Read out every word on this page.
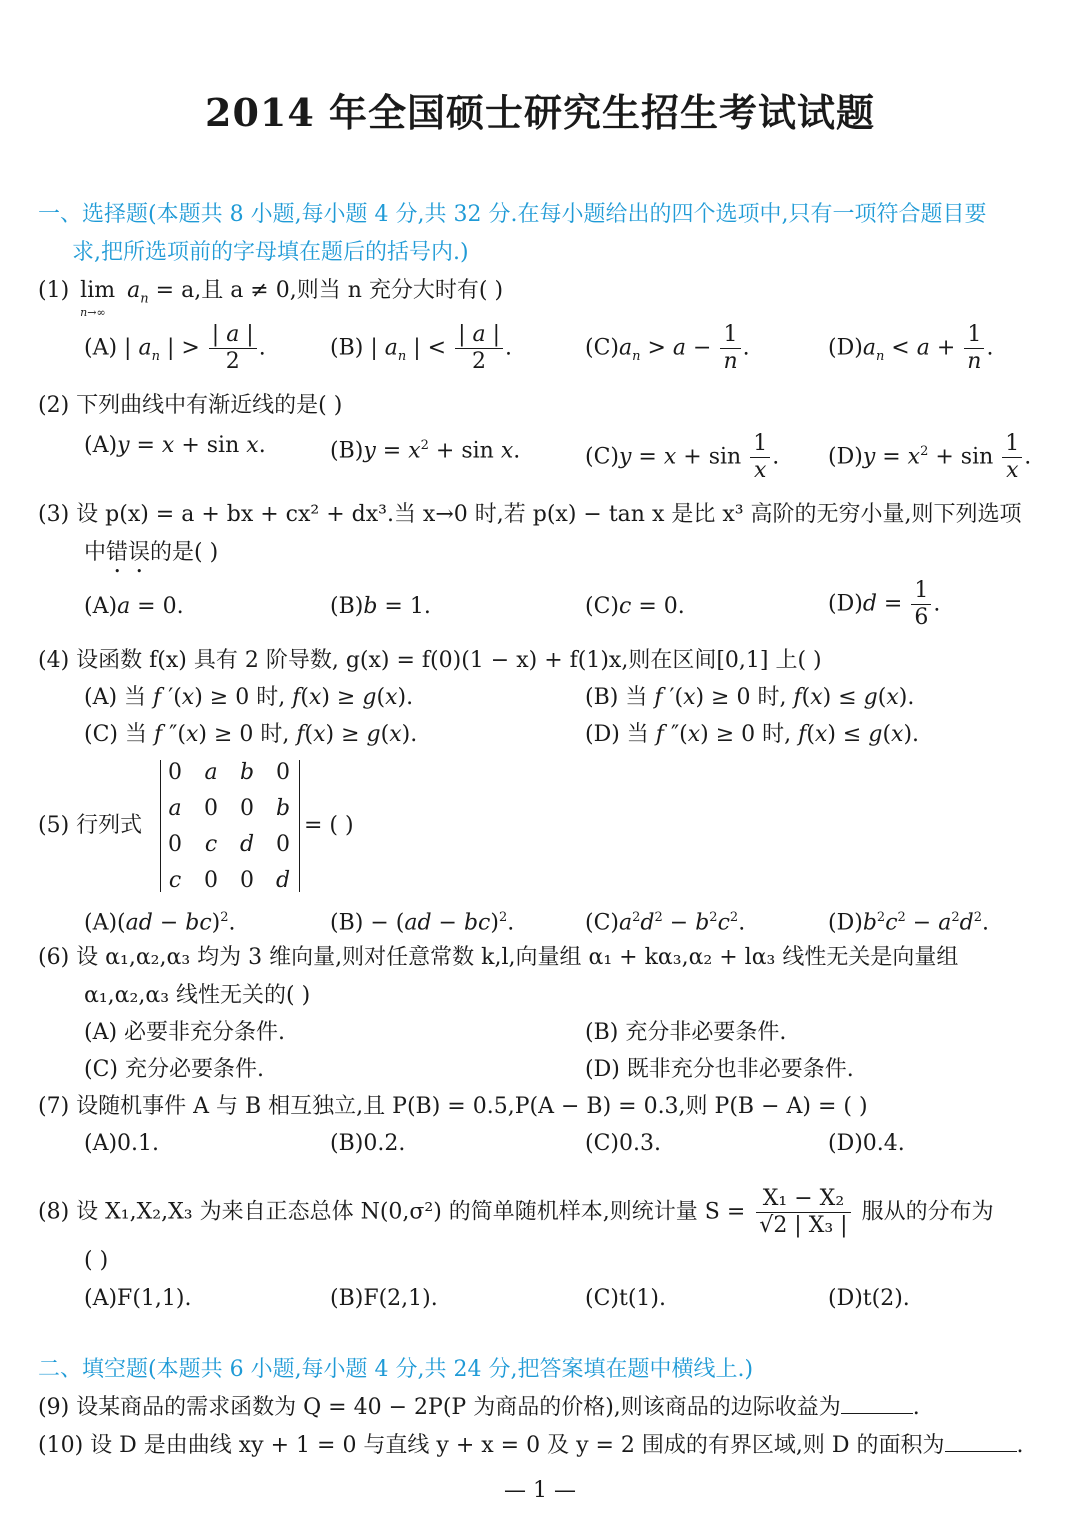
2014 年全国硕士研究生招生考试试题
一、选择题(本题共 8 小题,每小题 4 分,共 32 分.在每小题给出的四个选项中,只有一项符合题目要
求,把所选项前的字母填在题后的括号内.)
(1) lim
n→∞
$a_n = a$,且 a ≠ 0,则当 n 充分大时有( )
(A) | $a_n$ | > $\frac{| a |}{2}$ .	(B) | $a_n$ | < $\frac{| a |}{2}$ .	$(C)a_n > a - \frac{1}{n}$ .	$(D)a_n < a + \frac{1}{n}$ .
(2) 下列曲线中有渐近线的是( )
(A)y = x + sin x.	$(B)y = x^2 + \sin x$.	$(C)y = x + \sin \frac{1}{x}$ . $(D)y = x^2 + \sin \frac{1}{x}$ .
(3) 设 p(x) = a + bx + cx² + dx³.当 x→0 时,若 p(x) − tan x 是比 x³ 高阶的无穷小量,则下列选项
中错误的是( )
(A)a = 0.	(B)b = 1.	(C)c = 0.	$(D)d = \frac{1}{6}$ .
(4) 设函数 f(x) 具有 2 阶导数, g(x) = f(0)(1 − x) + f(1)x,则在区间[0,1] 上( )
(A) 当 f ′(x) ≥ 0 时, f(x) ≥ g(x).	(B) 当 f ′(x) ≥ 0 时, f(x) ≤ g(x).
(C) 当 f ″(x) ≥ 0 时, f(x) ≥ g(x).	(D) 当 f ″(x) ≥ 0 时, f(x) ≤ g(x).
(5) 行列式
0	a	b 0
a	0	0 b
0	c	d 0
c	0	0 d
= ( )
(A)(ad − bc)$^2$.	(B) − (ad − bc)$^2$.	$(C)a^2d^2 - b^2c^2$.	$(D)b^2c^2 - a^2d^2$.
(6) 设 α₁,α₂,α₃ 均为 3 维向量,则对任意常数 k,l,向量组 α₁ + kα₃,α₂ + lα₃ 线性无关是向量组
α₁,α₂,α₃ 线性无关的( )
(A) 必要非充分条件.	(B) 充分非必要条件.
(C) 充分必要条件.	(D) 既非充分也非必要条件.
(7) 设随机事件 A 与 B 相互独立,且 P(B) = 0.5,P(A − B) = 0.3,则 P(B − A) = ( )
(A)0.1.	(B)0.2.	(C)0.3.	(D)0.4.
(8) 设 X₁,X₂,X₃ 为来自正态总体 N(0,σ²) 的简单随机样本,则统计量 $S = \frac{\text{X₁ − X₂}}{\text{√2 | X₃ |}}$ 服从的分布为
( )
(A)F(1,1).	(B)F(2,1).	(C)t(1).	(D)t(2).
二、填空题(本题共 6 小题,每小题 4 分,共 24 分,把答案填在题中横线上.)
(9) 设某商品的需求函数为 Q = 40 − 2P(P 为商品的价格),则该商品的边际收益为	.
(10) 设 D 是由曲线 xy + 1 = 0 与直线 y + x = 0 及 y = 2 围成的有界区域,则 D 的面积为	.
— 1 —
